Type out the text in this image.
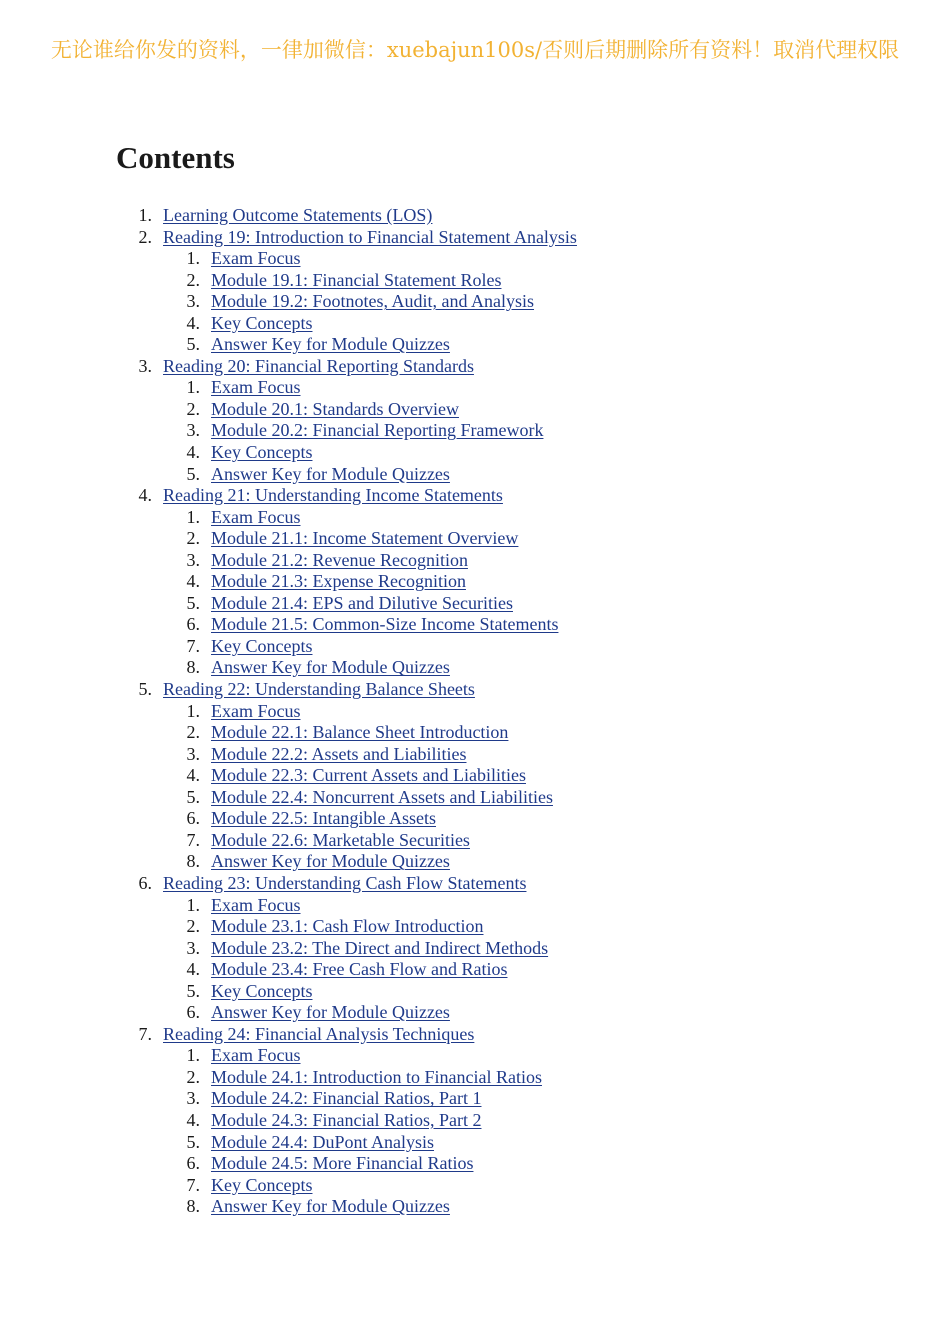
无论谁给你发的资料，一律加微信：xuebajun100s/否则后期删除所有资料！取消代理权限
Contents
1. Learning Outcome Statements (LOS)
2. Reading 19: Introduction to Financial Statement Analysis
1. Exam Focus
2. Module 19.1: Financial Statement Roles
3. Module 19.2: Footnotes, Audit, and Analysis
4. Key Concepts
5. Answer Key for Module Quizzes
3. Reading 20: Financial Reporting Standards
1. Exam Focus
2. Module 20.1: Standards Overview
3. Module 20.2: Financial Reporting Framework
4. Key Concepts
5. Answer Key for Module Quizzes
4. Reading 21: Understanding Income Statements
1. Exam Focus
2. Module 21.1: Income Statement Overview
3. Module 21.2: Revenue Recognition
4. Module 21.3: Expense Recognition
5. Module 21.4: EPS and Dilutive Securities
6. Module 21.5: Common-Size Income Statements
7. Key Concepts
8. Answer Key for Module Quizzes
5. Reading 22: Understanding Balance Sheets
1. Exam Focus
2. Module 22.1: Balance Sheet Introduction
3. Module 22.2: Assets and Liabilities
4. Module 22.3: Current Assets and Liabilities
5. Module 22.4: Noncurrent Assets and Liabilities
6. Module 22.5: Intangible Assets
7. Module 22.6: Marketable Securities
8. Answer Key for Module Quizzes
6. Reading 23: Understanding Cash Flow Statements
1. Exam Focus
2. Module 23.1: Cash Flow Introduction
3. Module 23.2: The Direct and Indirect Methods
4. Module 23.4: Free Cash Flow and Ratios
5. Key Concepts
6. Answer Key for Module Quizzes
7. Reading 24: Financial Analysis Techniques
1. Exam Focus
2. Module 24.1: Introduction to Financial Ratios
3. Module 24.2: Financial Ratios, Part 1
4. Module 24.3: Financial Ratios, Part 2
5. Module 24.4: DuPont Analysis
6. Module 24.5: More Financial Ratios
7. Key Concepts
8. Answer Key for Module Quizzes
